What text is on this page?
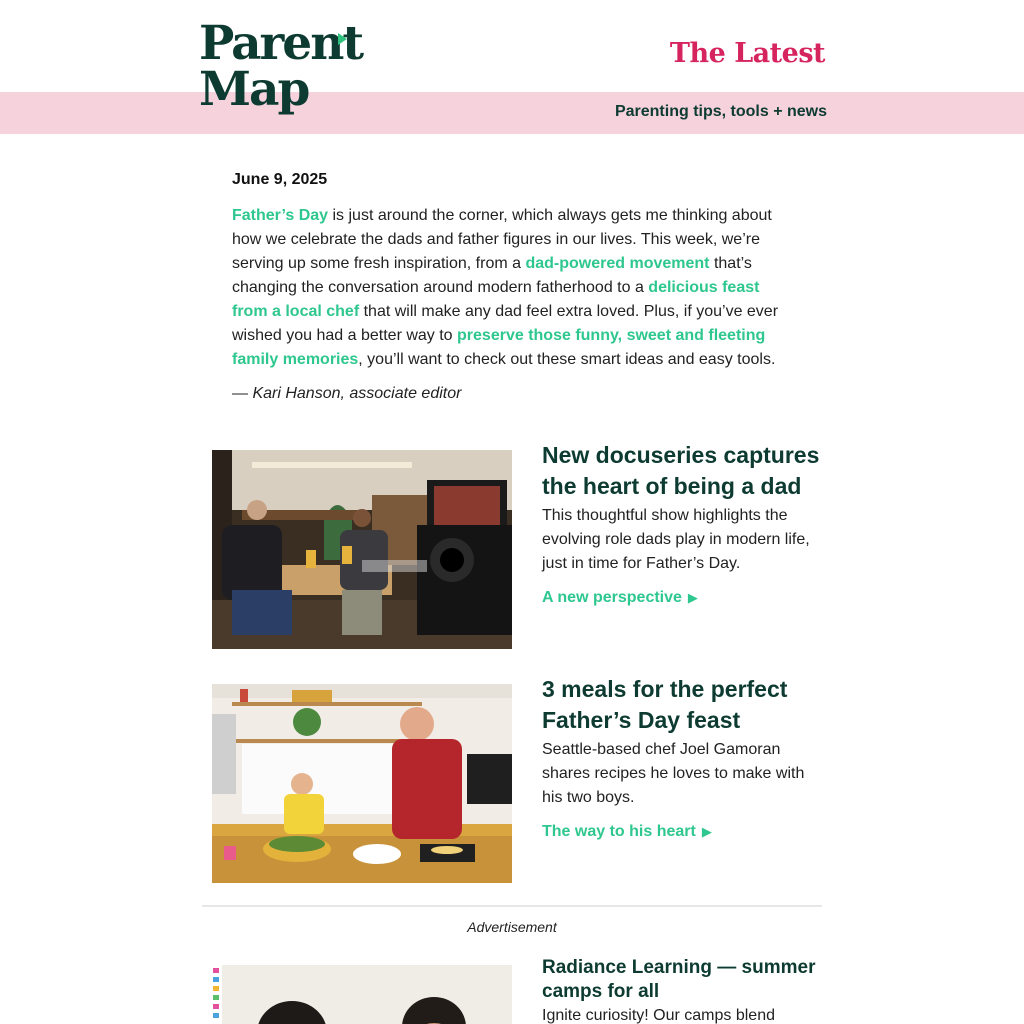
Parent
Map
The Latest
Parenting tips, tools + news
June 9, 2025
Father’s Day is just around the corner, which always gets me thinking about how we celebrate the dads and father figures in our lives. This week, we’re serving up some fresh inspiration, from a dad-powered movement that’s changing the conversation around modern fatherhood to a delicious feast from a local chef that will make any dad feel extra loved. Plus, if you’ve ever wished you had a better way to preserve those funny, sweet and fleeting family memories, you’ll want to check out these smart ideas and easy tools.
— Kari Hanson, associate editor
New docuseries captures the heart of being a dad

This thoughtful show highlights the evolving role dads play in modern life, just in time for Father’s Day.

A new perspective ▶
3 meals for the perfect Father’s Day feast

Seattle-based chef Joel Gamoran shares recipes he loves to make with his two boys.

The way to his heart ▶
Advertisement
Radiance Learning — summer camps for all

Ignite curiosity! Our camps blend
